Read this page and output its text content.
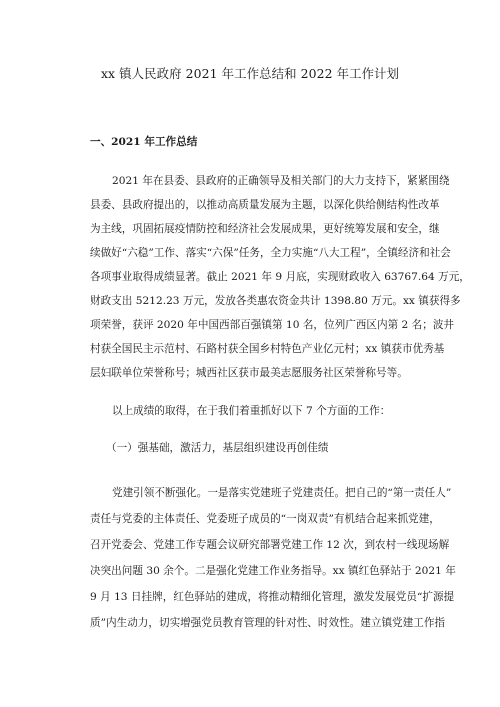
xx 镇人民政府 2021 年工作总结和 2022 年工作计划
一、2021 年工作总结
2021 年在县委、县政府的正确领导及相关部门的大力支持下，紧紧围绕
县委、县政府提出的，以推动高质量发展为主题，以深化供给侧结构性改革
为主线，巩固拓展疫情防控和经济社会发展成果，更好统筹发展和安全，继
续做好“六稳”工作、落实“六保”任务，全力实施“八大工程”，全镇经济和社会
各项事业取得成绩显著。截止 2021 年 9 月底，实现财政收入 63767.64 万元，
财政支出 5212.23 万元，发放各类惠农资金共计 1398.80 万元。xx 镇获得多
项荣誉，获评 2020 年中国西部百强镇第 10 名，位列广西区内第 2 名；波井
村获全国民主示范村、石路村获全国乡村特色产业亿元村；xx 镇获市优秀基
层妇联单位荣誉称号；城西社区获市最美志愿服务社区荣誉称号等。
以上成绩的取得，在于我们着重抓好以下 7 个方面的工作：
（一）强基础，激活力，基层组织建设再创佳绩
党建引领不断强化。一是落实党建班子党建责任。把自己的“第一责任人”
责任与党委的主体责任、党委班子成员的“一岗双责”有机结合起来抓党建，
召开党委会、党建工作专题会议研究部署党建工作 12 次，到农村一线现场解
决突出问题 30 余个。二是强化党建工作业务指导。xx 镇红色驿站于 2021 年
9 月 13 日挂牌，红色驿站的建成，将推动精细化管理，激发发展党员“扩源提
质”内生动力，切实增强党员教育管理的针对性、时效性。建立镇党建工作指
